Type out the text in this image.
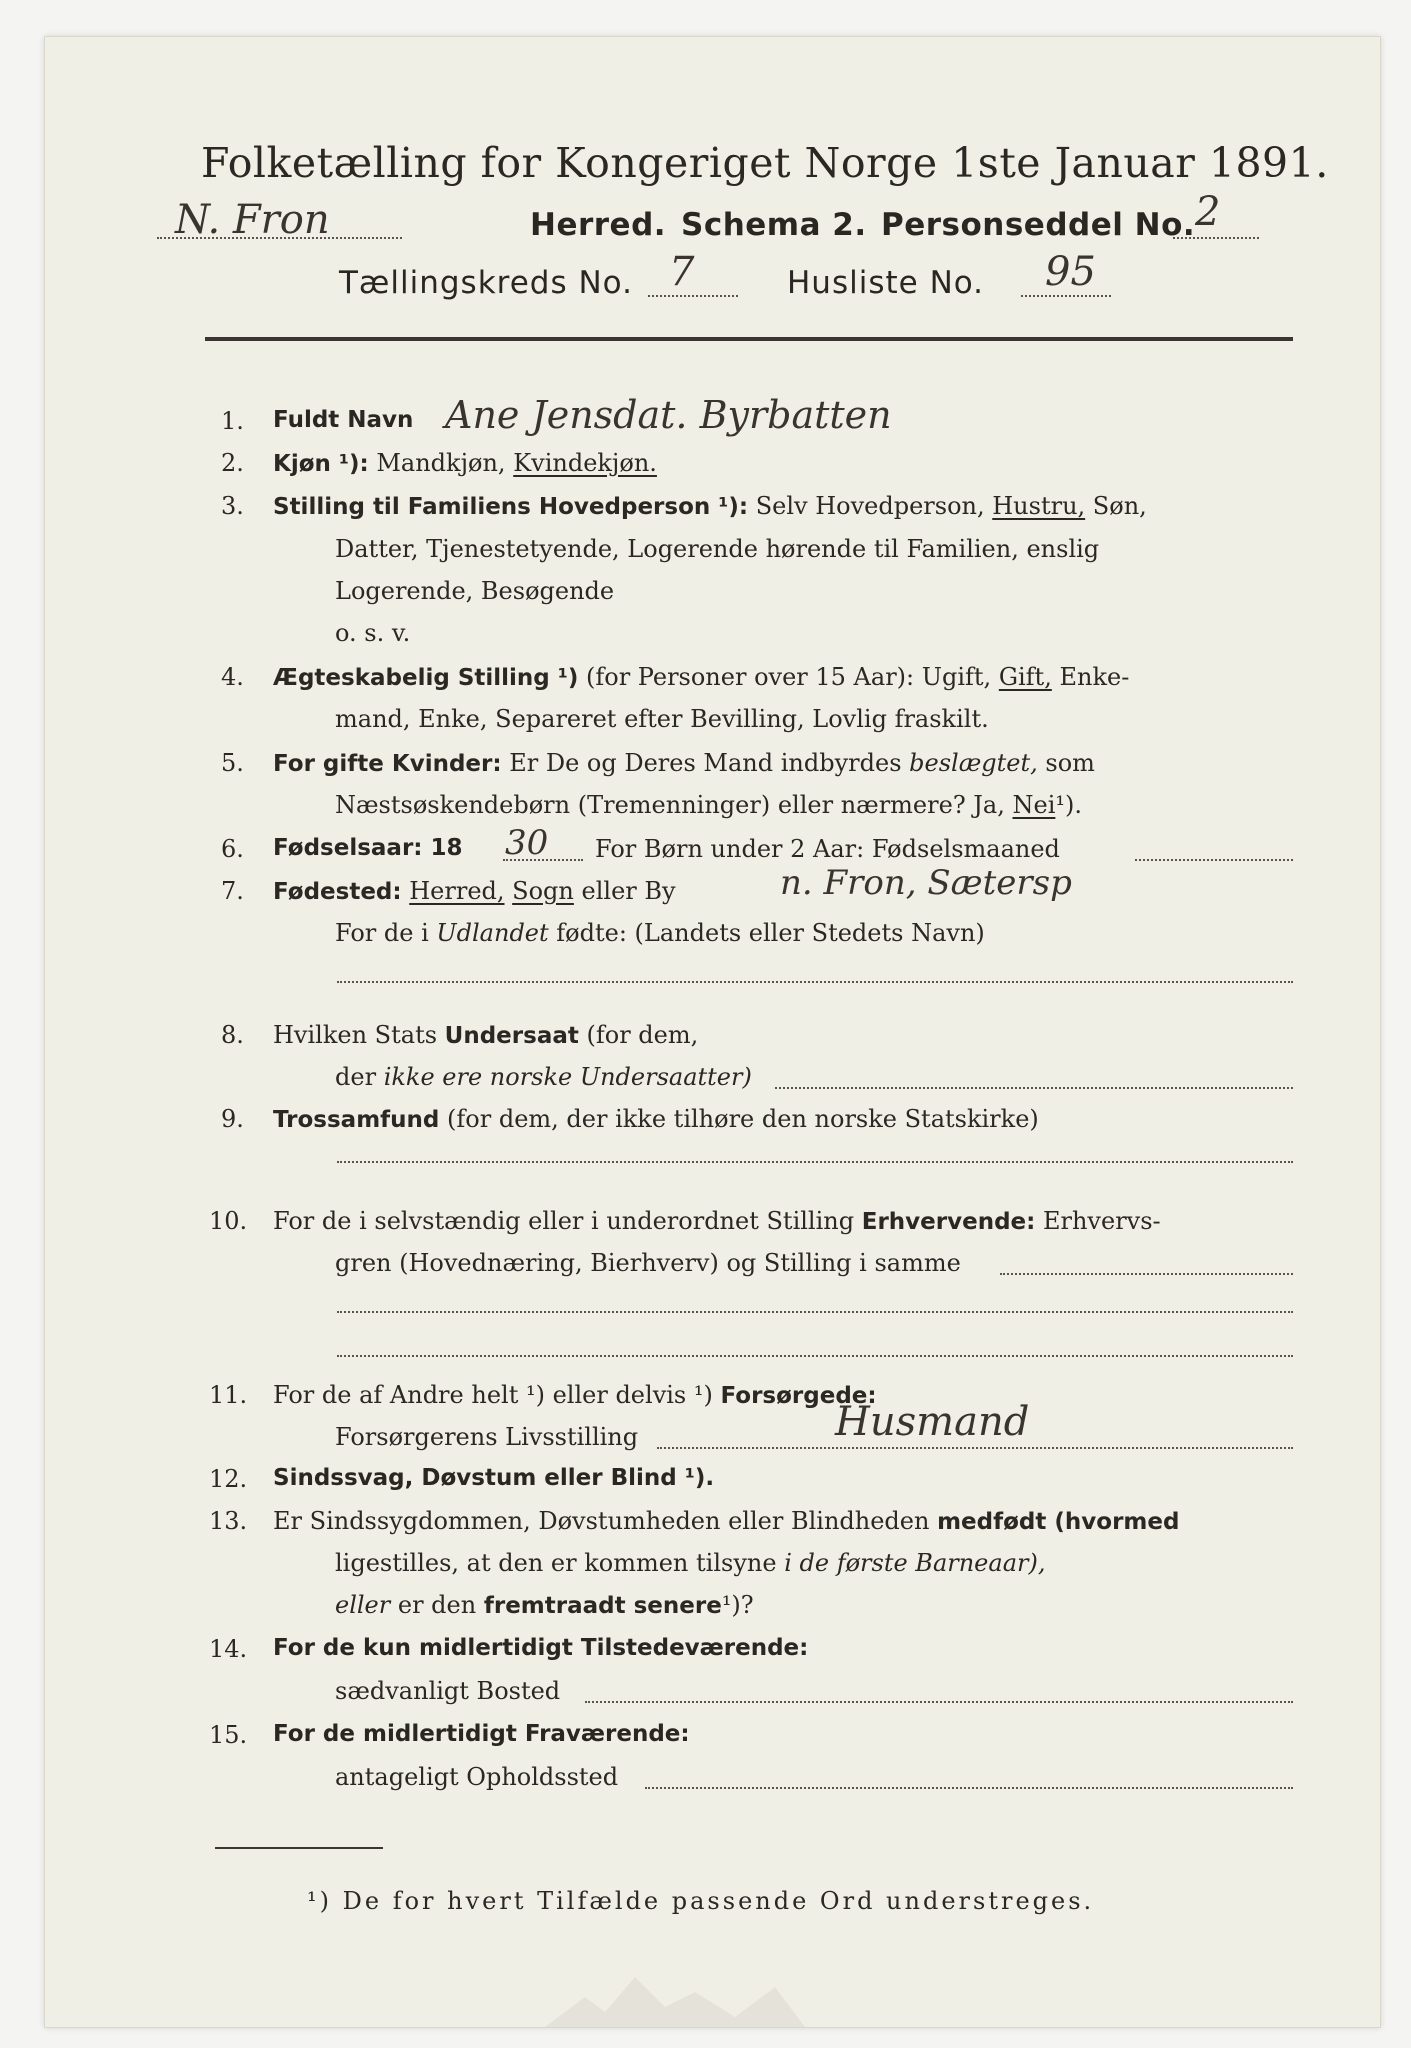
Folketælling for Kongeriget Norge 1ste Januar 1891.
N. Fron	Herred. Schema 2. Personseddel No. 2
Tællingskreds No. 7	Husliste No. 95
1. Fuldt Navn Ane Jensdat. Byrbatten
2. Kjøn ¹): Mandkjøn, Kvindekjøn.
3. Stilling til Familiens Hovedperson ¹): Selv Hovedperson, Hustru, Søn,
Datter, Tjenestetyende, Logerende hørende til Familien, enslig
Logerende, Besøgende
o. s. v.
4. Ægteskabelig Stilling ¹) (for Personer over 15 Aar): Ugift, Gift, Enke-
mand, Enke, Separeret efter Bevilling, Lovlig fraskilt.
5. For gifte Kvinder: Er De og Deres Mand indbyrdes beslægtet, som
Næstsøskendebørn (Tremenninger) eller nærmere? Ja, Nei¹).
6. Fødselsaar: 18 30 For Børn under 2 Aar: Fødselsmaaned
7. Fødested: Herred, Sogn eller By	n. Fron, Sætersp
For de i Udlandet fødte: (Landets eller Stedets Navn)
8. Hvilken Stats Undersaat (for dem,
der ikke ere norske Undersaatter)
9. Trossamfund (for dem, der ikke tilhøre den norske Statskirke)
10. For de i selvstændig eller i underordnet Stilling Erhvervende: Erhvervs-
gren (Hovednæring, Bierhverv) og Stilling i samme
11. For de af Andre helt ¹) eller delvis ¹) Forsørgede:
Forsørgerens Livsstilling	Husmand
12. Sindssvag, Døvstum eller Blind ¹).
13. Er Sindssygdommen, Døvstumheden eller Blindheden medfødt (hvormed
ligestilles, at den er kommen tilsyne i de første Barneaar),
eller er den fremtraadt senere¹)?
14. For de kun midlertidigt Tilstedeværende:
sædvanligt Bosted
15. For de midlertidigt Fraværende:
antageligt Opholdssted
¹) De for hvert Tilfælde passende Ord understreges.
